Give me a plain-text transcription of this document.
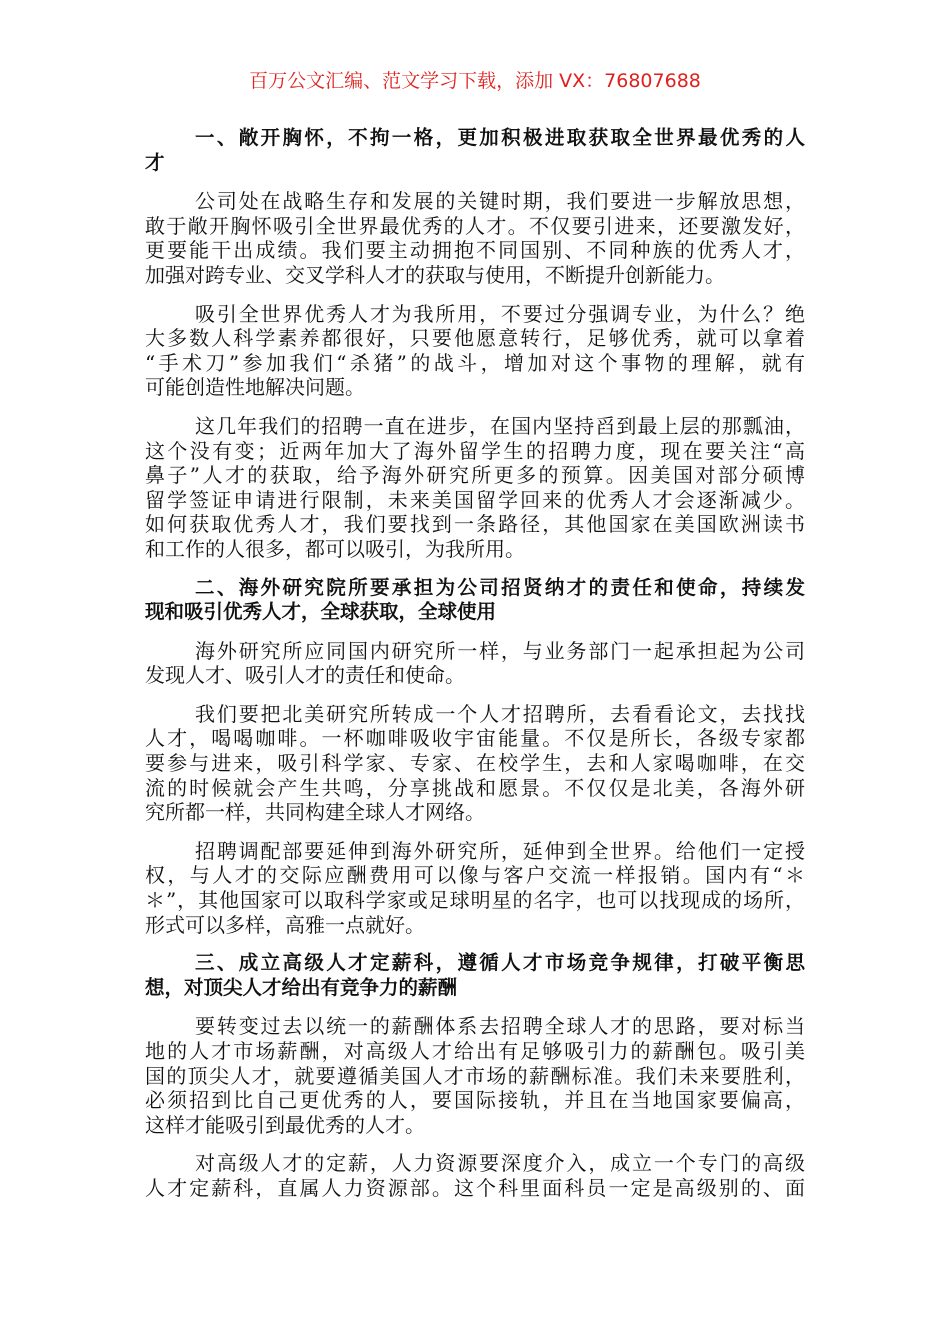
百万公文汇编、范文学习下载，添加 VX：76807688
一、敞开胸怀，不拘一格，更加积极进取获取全世界最优秀的人
才
公司处在战略生存和发展的关键时期，我们要进一步解放思想，
敢于敞开胸怀吸引全世界最优秀的人才。不仅要引进来，还要激发好，
更要能干出成绩。我们要主动拥抱不同国别、不同种族的优秀人才，
加强对跨专业、交叉学科人才的获取与使用，不断提升创新能力。
吸引全世界优秀人才为我所用，不要过分强调专业，为什么？绝
大多数人科学素养都很好，只要他愿意转行，足够优秀，就可以拿着
“手术刀”参加我们“杀猪”的战斗，增加对这个事物的理解，就有
可能创造性地解决问题。
这几年我们的招聘一直在进步，在国内坚持舀到最上层的那瓢油，
这个没有变；近两年加大了海外留学生的招聘力度，现在要关注“高
鼻子”人才的获取，给予海外研究所更多的预算。因美国对部分硕博
留学签证申请进行限制，未来美国留学回来的优秀人才会逐渐减少。
如何获取优秀人才，我们要找到一条路径，其他国家在美国欧洲读书
和工作的人很多，都可以吸引，为我所用。
二、海外研究院所要承担为公司招贤纳才的责任和使命，持续发
现和吸引优秀人才，全球获取，全球使用
海外研究所应同国内研究所一样，与业务部门一起承担起为公司
发现人才、吸引人才的责任和使命。
我们要把北美研究所转成一个人才招聘所，去看看论文，去找找
人才，喝喝咖啡。一杯咖啡吸收宇宙能量。不仅是所长，各级专家都
要参与进来，吸引科学家、专家、在校学生，去和人家喝咖啡，在交
流的时候就会产生共鸣，分享挑战和愿景。不仅仅是北美，各海外研
究所都一样，共同构建全球人才网络。
招聘调配部要延伸到海外研究所，延伸到全世界。给他们一定授
权，与人才的交际应酬费用可以像与客户交流一样报销。国内有“＊
＊”，其他国家可以取科学家或足球明星的名字，也可以找现成的场所，
形式可以多样，高雅一点就好。
三、成立高级人才定薪科，遵循人才市场竞争规律，打破平衡思
想，对顶尖人才给出有竞争力的薪酬
要转变过去以统一的薪酬体系去招聘全球人才的思路，要对标当
地的人才市场薪酬，对高级人才给出有足够吸引力的薪酬包。吸引美
国的顶尖人才，就要遵循美国人才市场的薪酬标准。我们未来要胜利，
必须招到比自己更优秀的人，要国际接轨，并且在当地国家要偏高，
这样才能吸引到最优秀的人才。
对高级人才的定薪，人力资源要深度介入，成立一个专门的高级
人才定薪科，直属人力资源部。这个科里面科员一定是高级别的、面
